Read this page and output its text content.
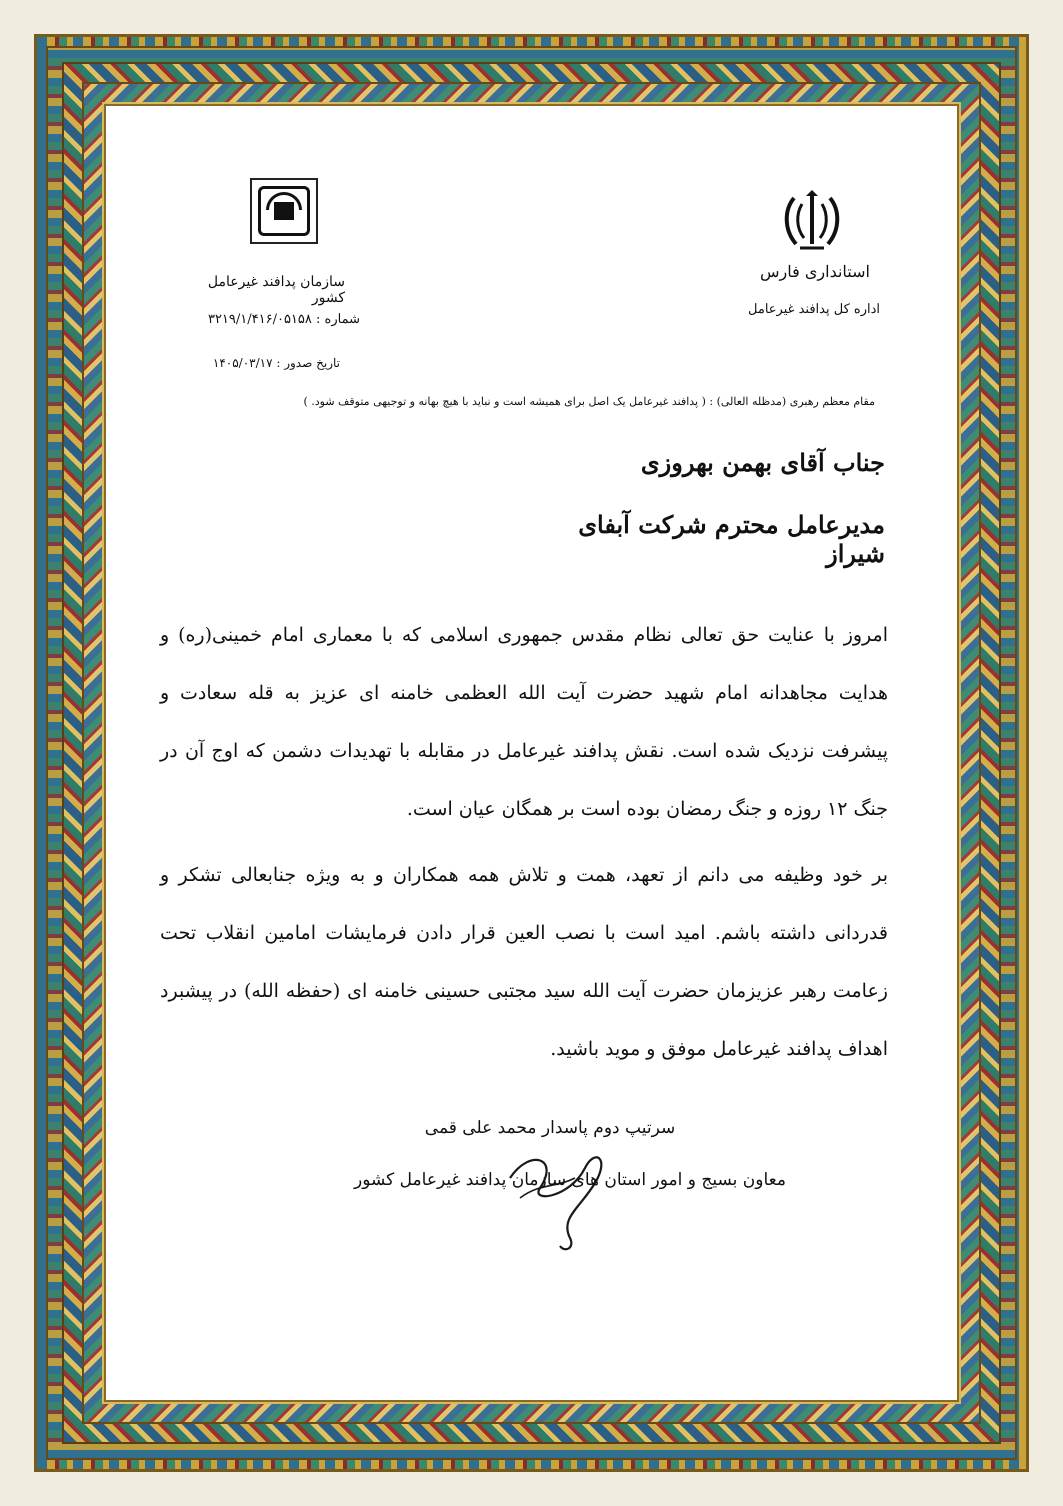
سازمان پدافند غیرعامل کشور
شماره : ۳۲۱۹/۱/۴۱۶/۰۵۱۵۸
تاریخ صدور : ۱۴۰۵/۰۳/۱۷
استانداری فارس
اداره کل پدافند غیرعامل
مقام معظم رهبری (مدظله العالی) : ( پدافند غیرعامل یک اصل برای همیشه است و نباید با هیچ بهانه و توجیهی متوقف شود. )
جناب آقای بهمن بهروزی
مدیرعامل محترم شرکت آبفای شیراز
امروز با عنایت حق تعالی نظام مقدس جمهوری اسلامی که با معماری امام خمینی(ره) و هدایت مجاهدانه امام شهید حضرت آیت الله العظمی خامنه ای عزیز به قله سعادت و پیشرفت نزدیک شده است. نقش پدافند غیرعامل در مقابله با تهدیدات دشمن که اوج آن در جنگ ۱۲ روزه و جنگ رمضان بوده است بر همگان عیان است.
بر خود وظیفه می دانم از تعهد، همت و تلاش همه همکاران و به ویژه جنابعالی تشکر و قدردانی داشته باشم. امید است با نصب العین قرار دادن فرمایشات امامین انقلاب تحت زعامت رهبر عزیزمان حضرت آیت الله سید مجتبی حسینی خامنه ای (حفظه الله) در پیشبرد اهداف پدافند غیرعامل موفق و موید باشید.
سرتیپ دوم پاسدار محمد علی قمی
معاون بسیج و امور استان های سازمان پدافند غیرعامل کشور
